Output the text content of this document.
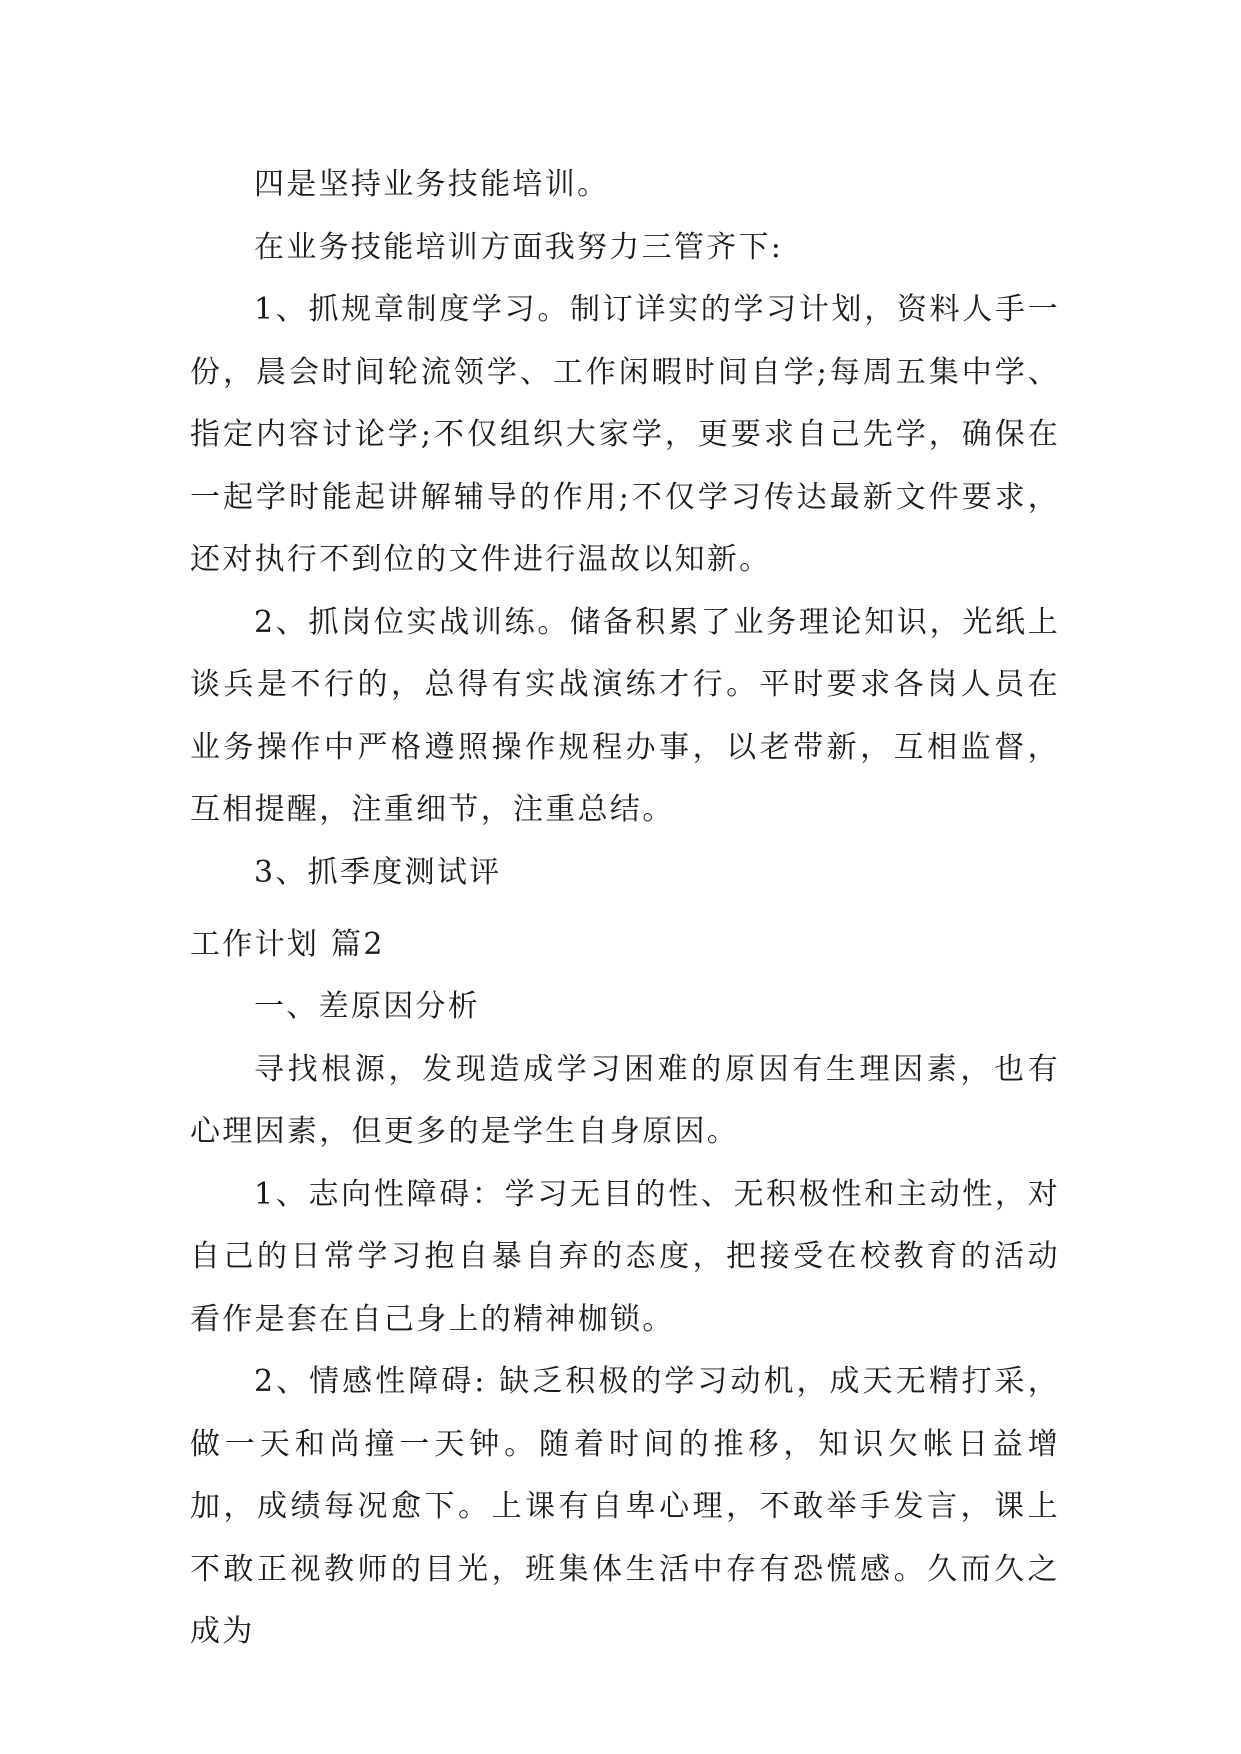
四是坚持业务技能培训。

在业务技能培训方面我努力三管齐下:

1、抓规章制度学习。制订详实的学习计划，资料人手一份，晨会时间轮流领学、工作闲暇时间自学;每周五集中学、指定内容讨论学;不仅组织大家学，更要求自己先学，确保在一起学时能起讲解辅导的作用;不仅学习传达最新文件要求，还对执行不到位的文件进行温故以知新。

2、抓岗位实战训练。储备积累了业务理论知识，光纸上谈兵是不行的，总得有实战演练才行。平时要求各岗人员在业务操作中严格遵照操作规程办事，以老带新，互相监督，互相提醒，注重细节，注重总结。

3、抓季度测试评

工作计划 篇2

一、差原因分析

寻找根源，发现造成学习困难的原因有生理因素，也有心理因素，但更多的是学生自身原因。

1、志向性障碍：学习无目的性、无积极性和主动性，对自己的日常学习抱自暴自弃的态度，把接受在校教育的活动看作是套在自己身上的精神枷锁。

2、情感性障碍: 缺乏积极的学习动机，成天无精打采，做一天和尚撞一天钟。随着时间的推移，知识欠帐日益增加，成绩每况愈下。上课有自卑心理，不敢举手发言，课上不敢正视教师的目光，班集体生活中存有恐慌感。久而久之成为
